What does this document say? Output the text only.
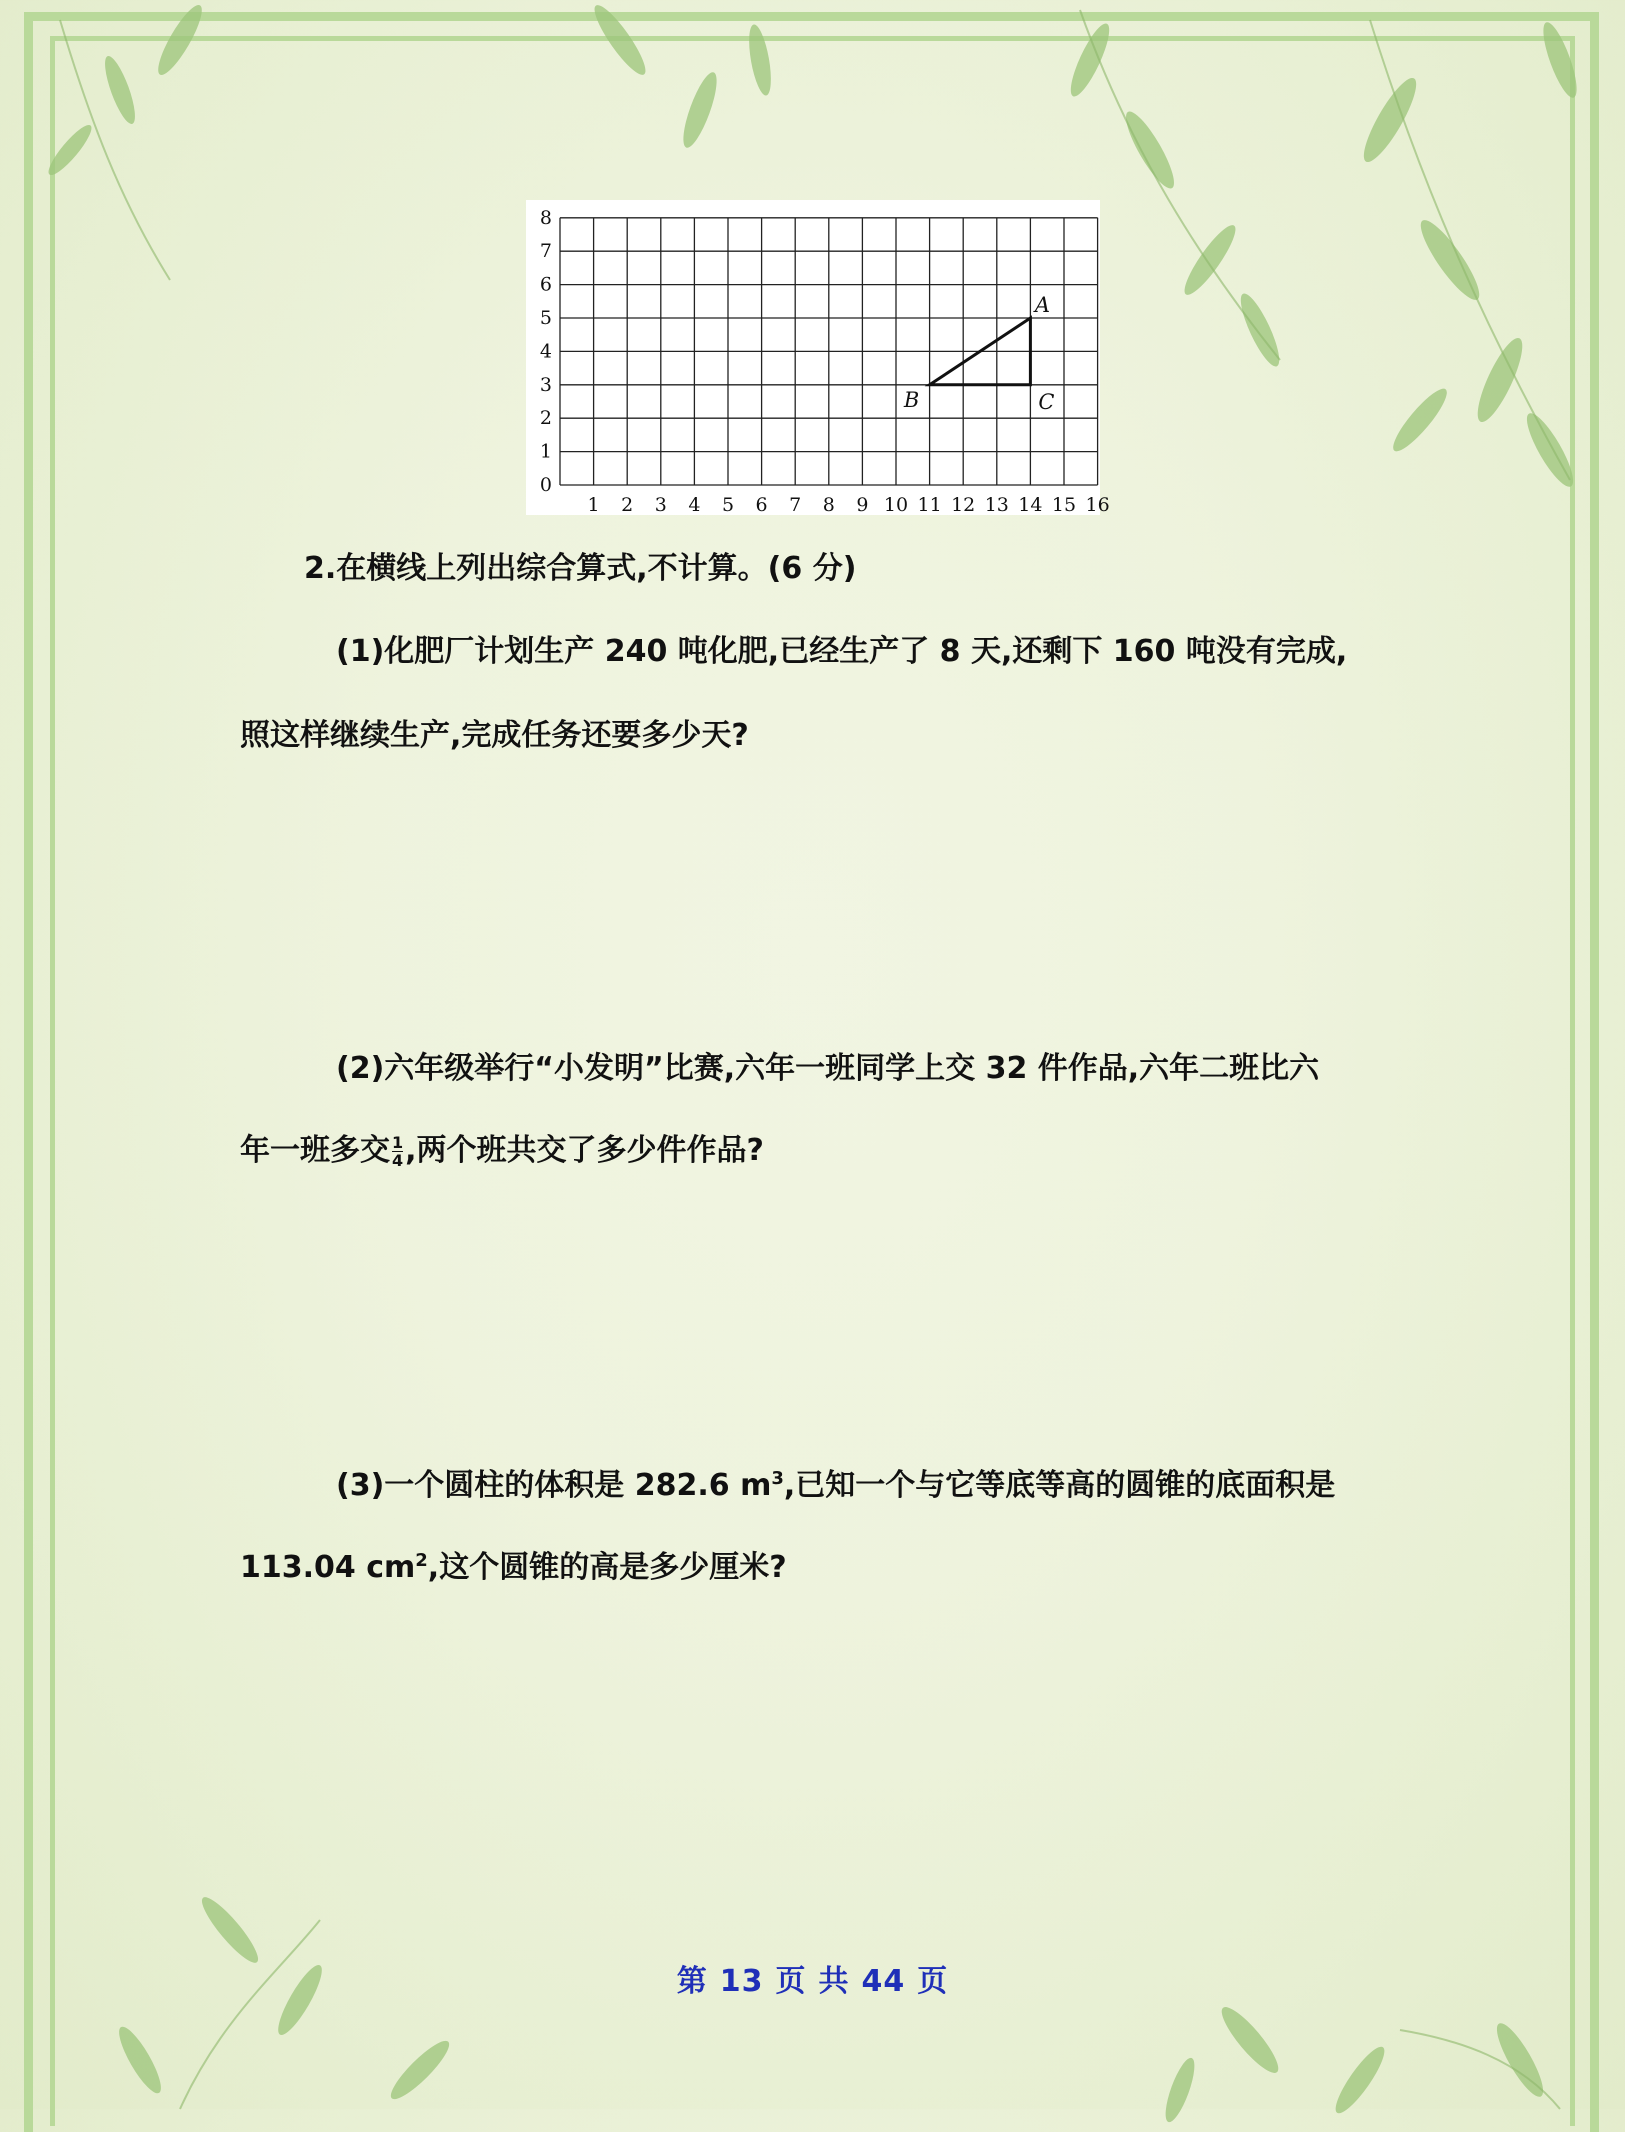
0
1
2
3
4
5
6
7
8
1 2 3 4 5 6 7 8 9 10 11 12 13 14 15 16
A
B	C

2.在横线上列出综合算式,不计算。(6 分)

(1)化肥厂计划生产 240 吨化肥,已经生产了 8 天,还剩下 160 吨没有完成,

照这样继续生产,完成任务还要多少天?

(2)六年级举行“小发明”比赛,六年一班同学上交 32 件作品,六年二班比六

年一班多交 $\frac{1}{4}$ ,两个班共交了多少件作品?

(3)一个圆柱的体积是 282.6 $m^3$,已知一个与它等底等高的圆锥的底面积是

113.04 $cm^2$,这个圆锥的高是多少厘米?

第 13 页 共 44 页
